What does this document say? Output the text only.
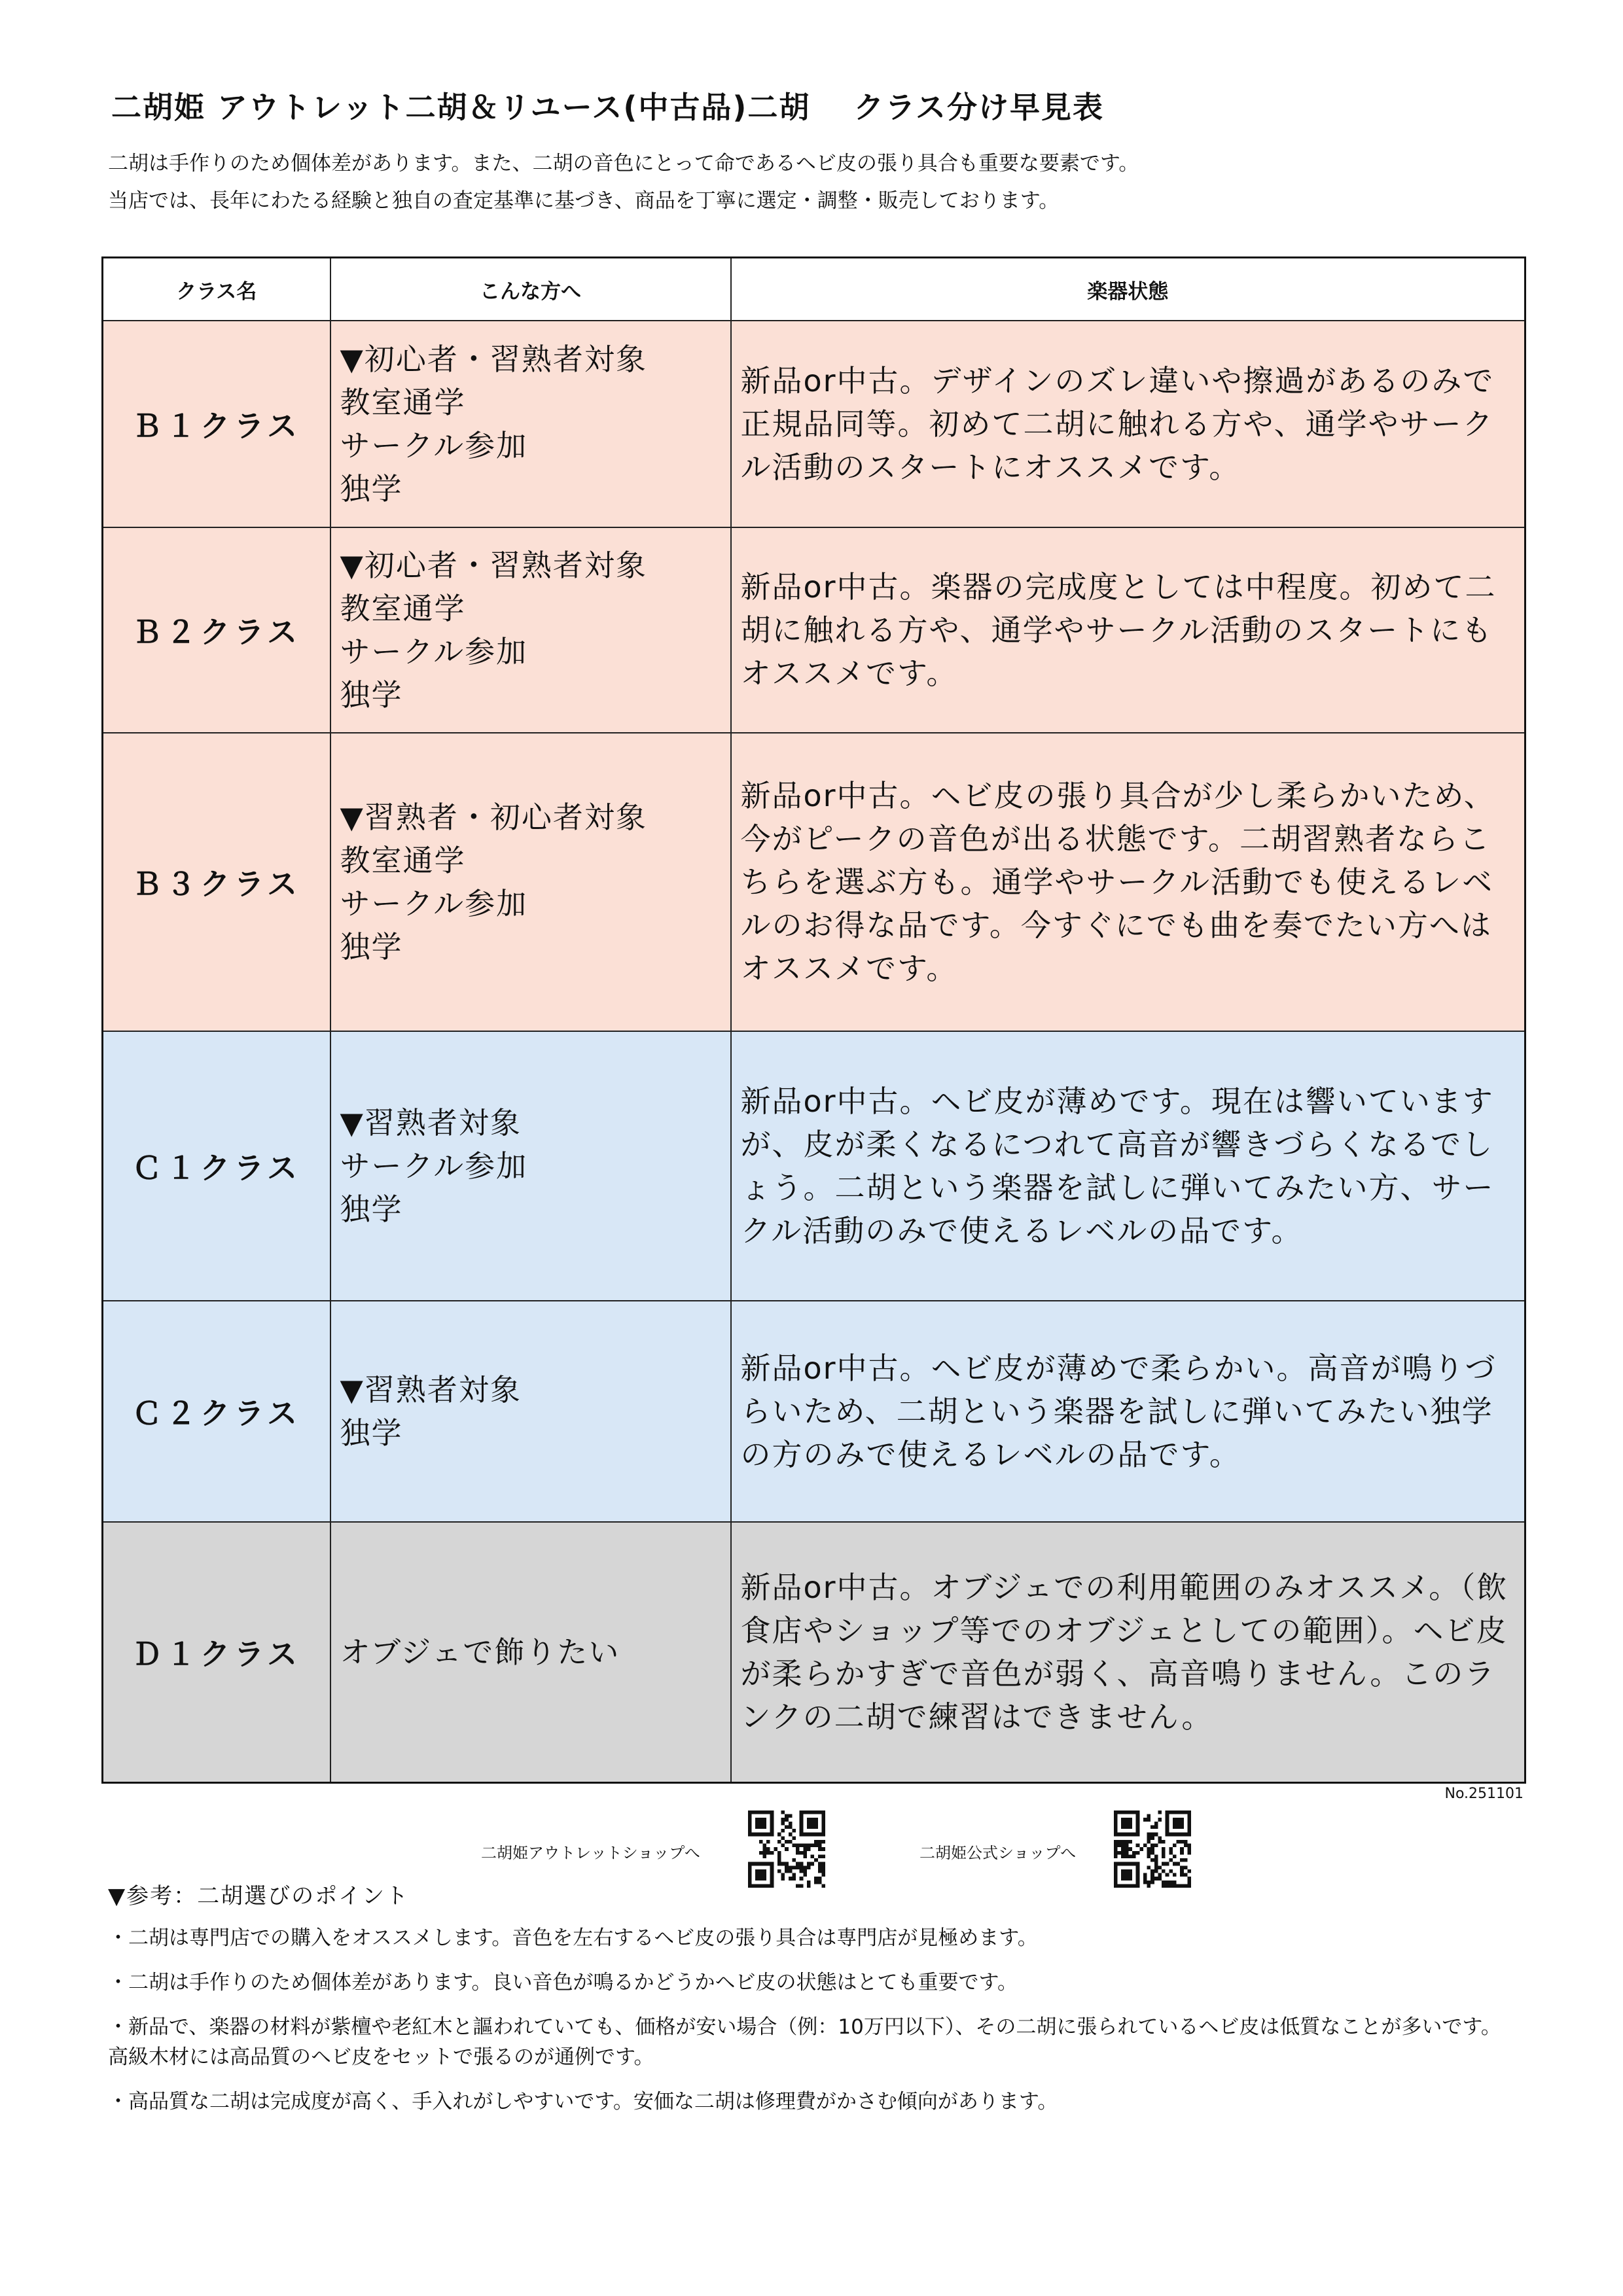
二胡姫 アウトレット二胡＆リユース(中古品)二胡　 クラス分け早見表
二胡は手作りのため個体差があります。また、二胡の音色にとって命であるヘビ皮の張り具合も重要な要素です。
当店では、長年にわたる経験と独自の査定基準に基づき、商品を丁寧に選定・調整・販売しております。
クラス名	こんな方へ	楽器状態
Ｂ１クラス	▼初心者・習熟者対象
教室通学
サークル参加
独学	新品or中古。デザインのズレ違いや擦過があるのみで正規品同等。初めて二胡に触れる方や、通学やサークル活動のスタートにオススメです。
Ｂ２クラス	▼初心者・習熟者対象
教室通学
サークル参加
独学	新品or中古。楽器の完成度としては中程度。初めて二胡に触れる方や、通学やサークル活動のスタートにもオススメです。
Ｂ３クラス	▼習熟者・初心者対象
教室通学
サークル参加
独学	新品or中古。ヘビ皮の張り具合が少し柔らかいため、今がピークの音色が出る状態です。二胡習熟者ならこちらを選ぶ方も。通学やサークル活動でも使えるレベルのお得な品です。今すぐにでも曲を奏でたい方へはオススメです。
Ｃ１クラス	▼習熟者対象
サークル参加
独学	新品or中古。ヘビ皮が薄めです。現在は響いていますが、皮が柔くなるにつれて高音が響きづらくなるでしょう。二胡という楽器を試しに弾いてみたい方、サークル活動のみで使えるレベルの品です。
Ｃ２クラス	▼習熟者対象
独学	新品or中古。ヘビ皮が薄めで柔らかい。高音が鳴りづらいため、二胡という楽器を試しに弾いてみたい独学の方のみで使えるレベルの品です。
Ｄ１クラス	オブジェで飾りたい	新品or中古。オブジェでの利用範囲のみオススメ。（飲食店やショップ等でのオブジェとしての範囲）。ヘビ皮が柔らかすぎで音色が弱く、高音鳴りません。このランクの二胡で練習はできません。
No.251101
二胡姫アウトレットショップへ	二胡姫公式ショップへ
▼参考：二胡選びのポイント
・二胡は専門店での購入をオススメします。音色を左右するヘビ皮の張り具合は専門店が見極めます。
・二胡は手作りのため個体差があります。良い音色が鳴るかどうかヘビ皮の状態はとても重要です。
・新品で、楽器の材料が紫檀や老紅木と謳われていても、価格が安い場合（例：10万円以下）、その二胡に張られているヘビ皮は低質なことが多いです。高級木材には高品質のヘビ皮をセットで張るのが通例です。
・高品質な二胡は完成度が高く、手入れがしやすいです。安価な二胡は修理費がかさむ傾向があります。
